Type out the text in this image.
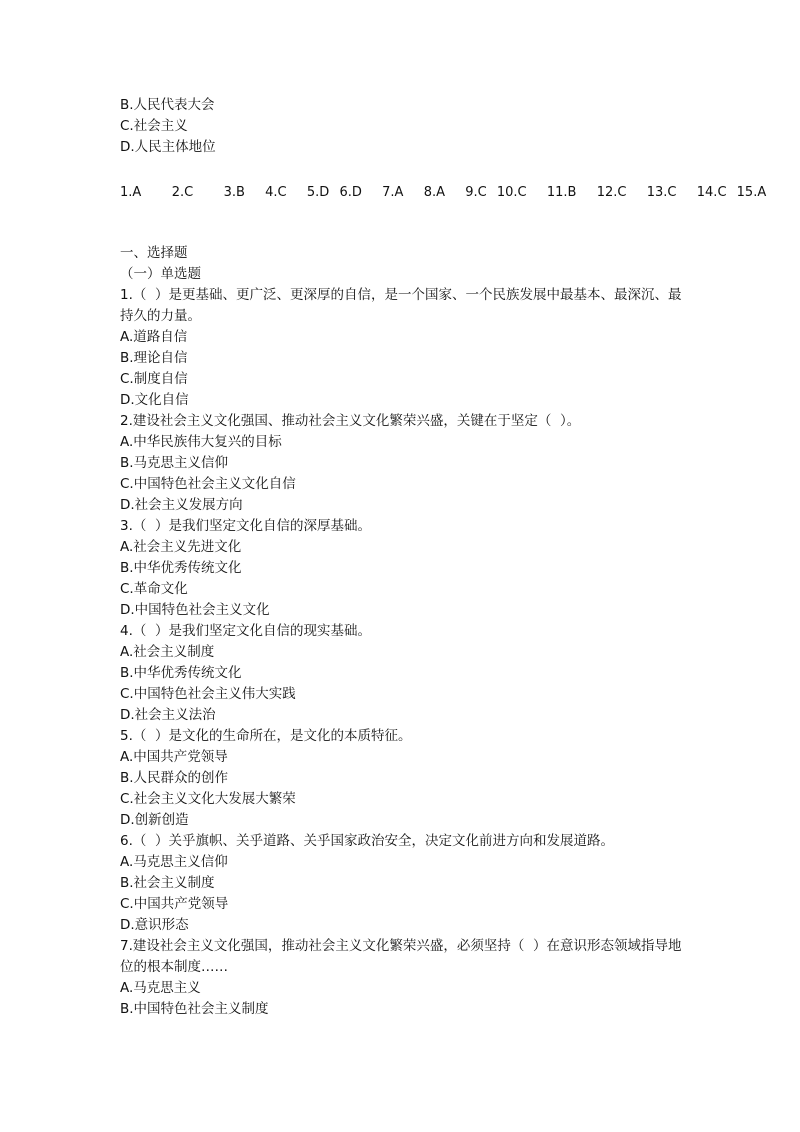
B.人民代表大会

C.社会主义

D.人民主体地位

1.A   2.C   3.B  4.C  5.D 6.D  7.A  8.A  9.C 10.C  11.B  12.C  13.C  14.C 15.A

一、选择题

（一）单选题

1.（  ）是更基础、更广泛、更深厚的自信，是一个国家、一个民族发展中最基本、最深沉、最持久的力量。

A.道路自信

B.理论自信

C.制度自信

D.文化自信

2.建设社会主义文化强国、推动社会主义文化繁荣兴盛，关键在于坚定（  ）。

A.中华民族伟大复兴的目标

B.马克思主义信仰

C.中国特色社会主义文化自信

D.社会主义发展方向

3.（  ）是我们坚定文化自信的深厚基础。

A.社会主义先进文化

B.中华优秀传统文化

C.革命文化

D.中国特色社会主义文化

4.（  ）是我们坚定文化自信的现实基础。

A.社会主义制度

B.中华优秀传统文化

C.中国特色社会主义伟大实践

D.社会主义法治

5.（  ）是文化的生命所在，是文化的本质特征。

A.中国共产党领导

B.人民群众的创作

C.社会主义文化大发展大繁荣

D.创新创造

6.（  ）关乎旗帜、关乎道路、关乎国家政治安全，决定文化前进方向和发展道路。

A.马克思主义信仰

B.社会主义制度

C.中国共产党领导

D.意识形态

7.建设社会主义文化强国，推动社会主义文化繁荣兴盛，必须坚持（  ）在意识形态领域指导地位的根本制度……

A.马克思主义

B.中国特色社会主义制度
